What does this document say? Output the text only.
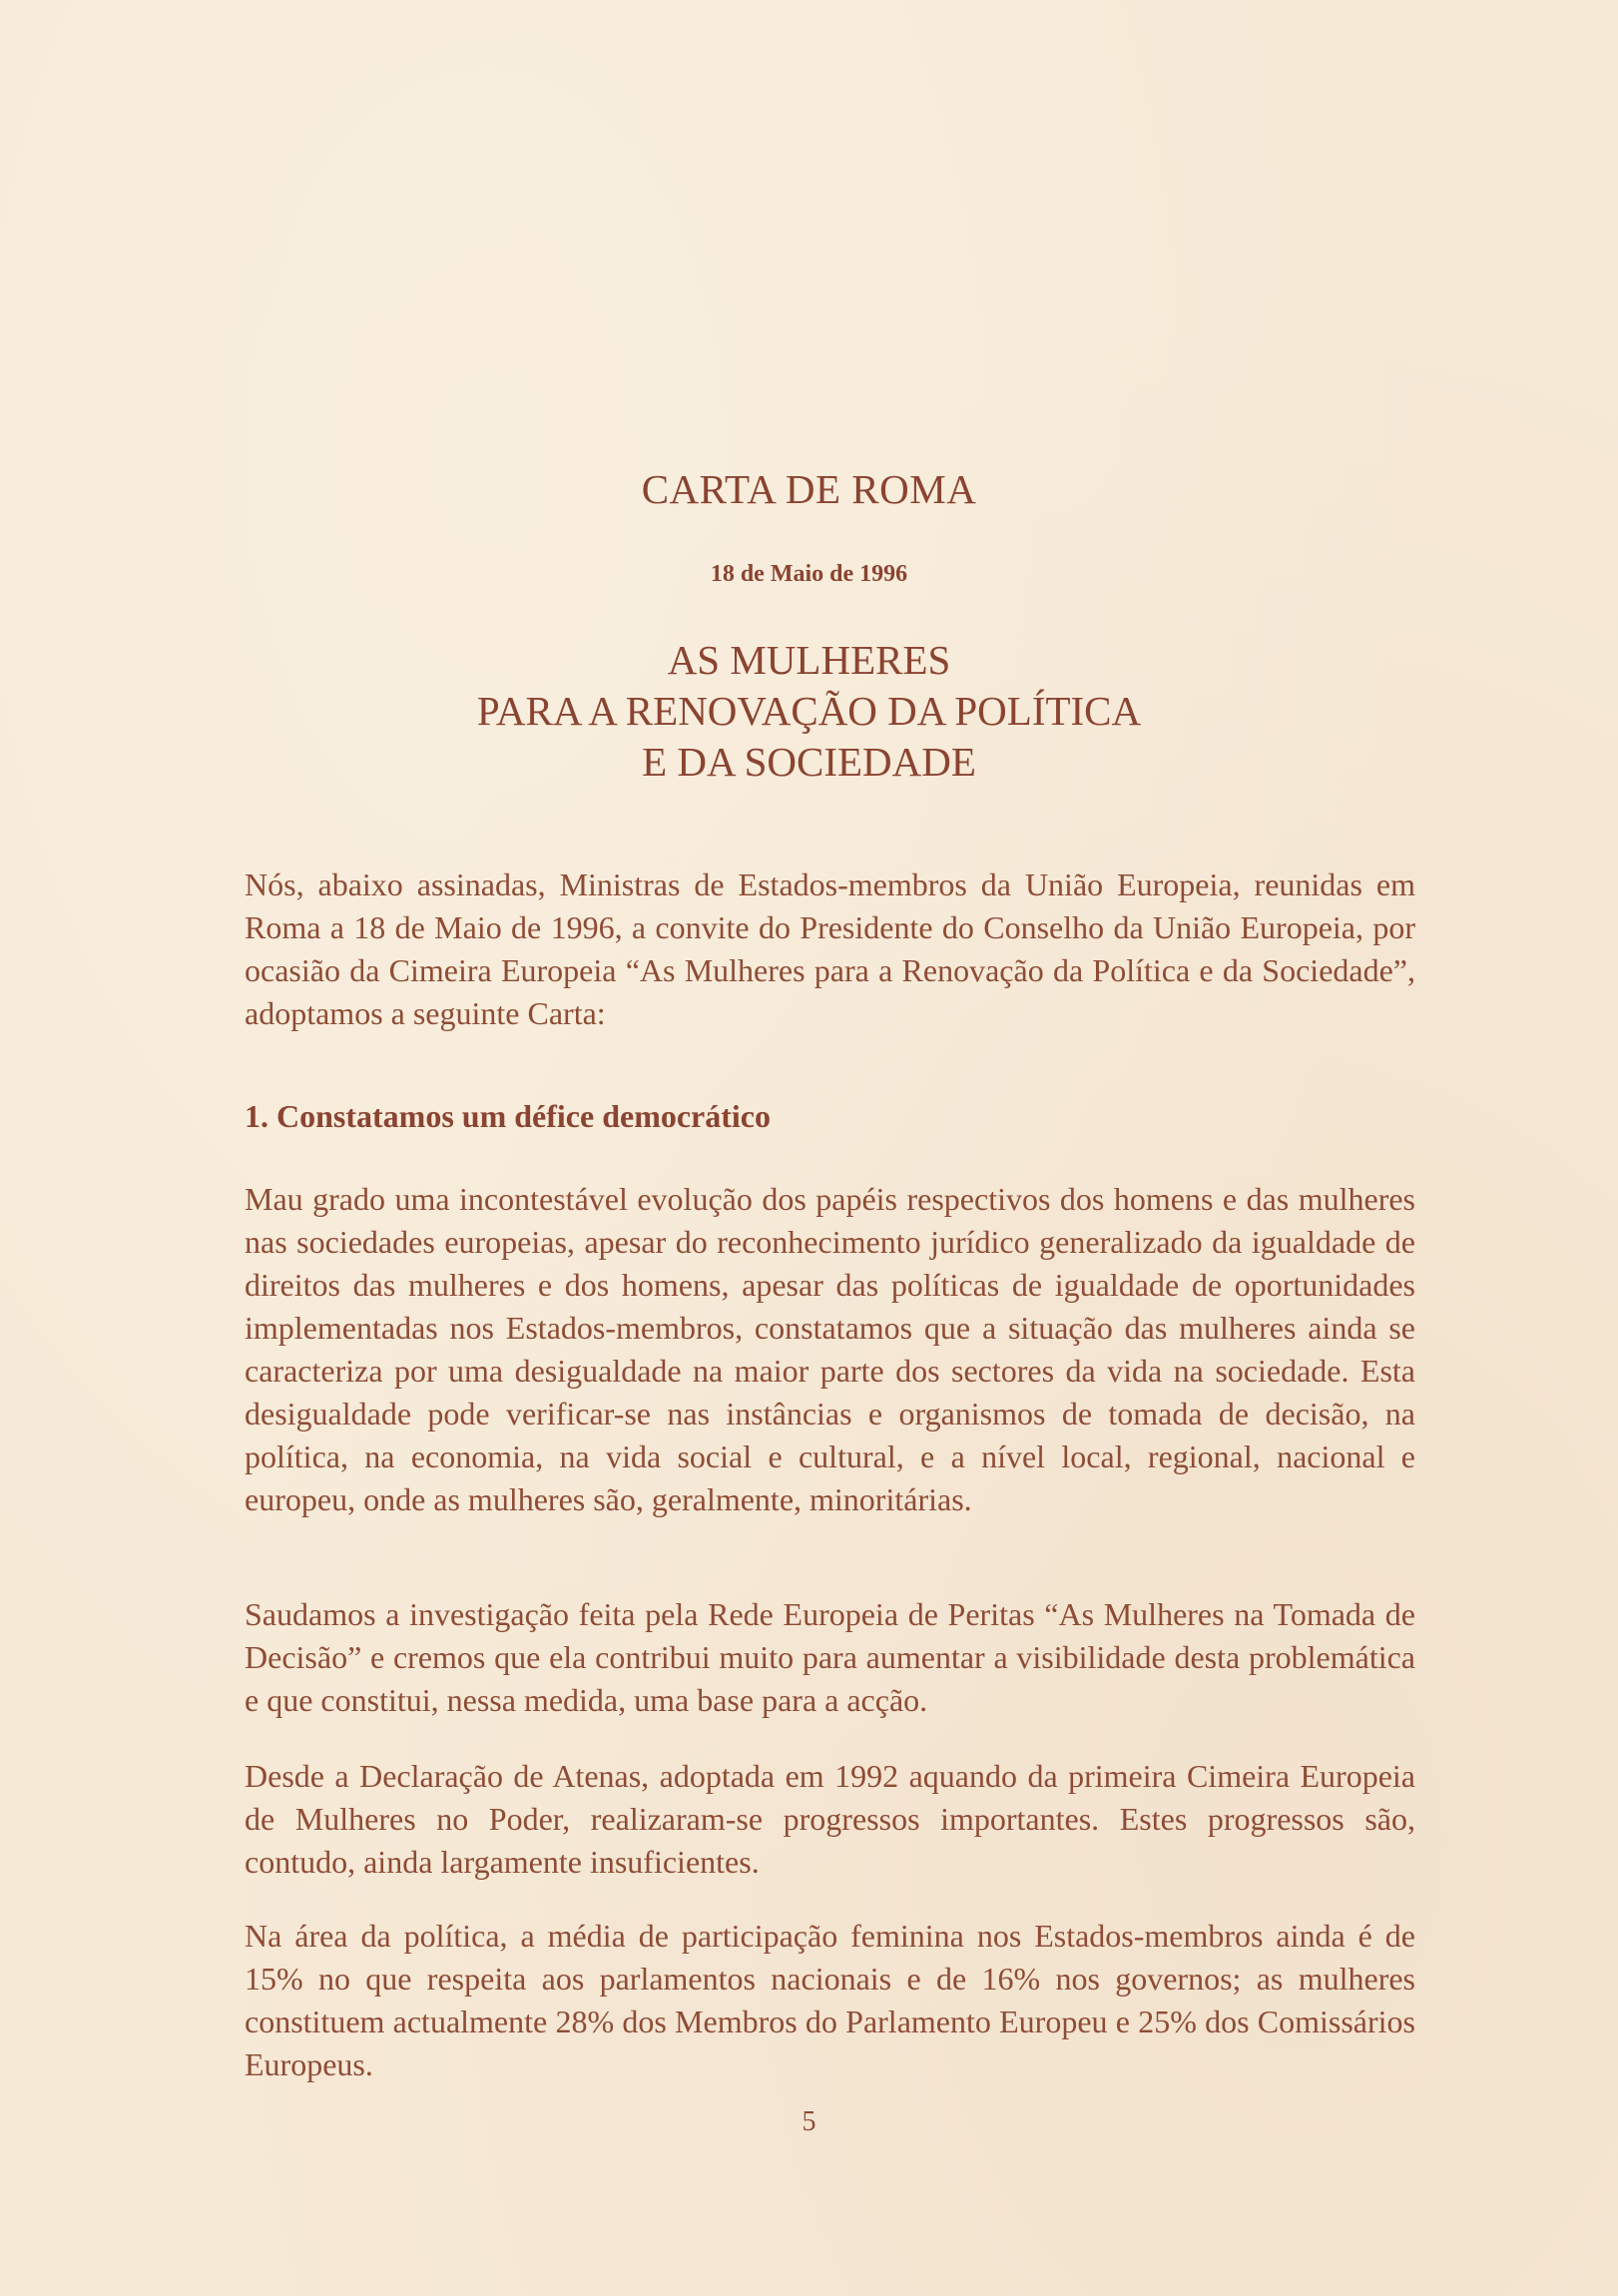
CARTA DE ROMA
18 de Maio de 1996
AS MULHERES
PARA A RENOVAÇÃO DA POLÍTICA
E DA SOCIEDADE
Nós, abaixo assinadas, Ministras de Estados-membros da União Europeia, reunidas em Roma a 18 de Maio de 1996, a convite do Presidente do Conselho da União Europeia, por ocasião da Cimeira Europeia “As Mulheres para a Renovação da Política e da Sociedade”, adoptamos a seguinte Carta:
1. Constatamos um défice democrático
Mau grado uma incontestável evolução dos papéis respectivos dos homens e das mulheres nas sociedades europeias, apesar do reconhecimento jurídico generalizado da igualdade de direitos das mulheres e dos homens, apesar das políticas de igualdade de oportunidades implementadas nos Estados-membros, constatamos que a situação das mulheres ainda se caracteriza por uma desigualdade na maior parte dos sectores da vida na sociedade. Esta desigualdade pode verificar-se nas instâncias e organismos de tomada de decisão, na política, na economia, na vida social e cultural, e a nível local, regional, nacional e europeu, onde as mulheres são, geralmente, minoritárias.
Saudamos a investigação feita pela Rede Europeia de Peritas “As Mulheres na Tomada de Decisão” e cremos que ela contribui muito para aumentar a visibilidade desta problemática e que constitui, nessa medida, uma base para a acção.
Desde a Declaração de Atenas, adoptada em 1992 aquando da primeira Cimeira Europeia de Mulheres no Poder, realizaram-se progressos importantes. Estes progressos são, contudo, ainda largamente insuficientes.
Na área da política, a média de participação feminina nos Estados-membros ainda é de 15% no que respeita aos parlamentos nacionais e de 16% nos governos; as mulheres constituem actualmente 28% dos Membros do Parlamento Europeu e 25% dos Comissários Europeus.
5
